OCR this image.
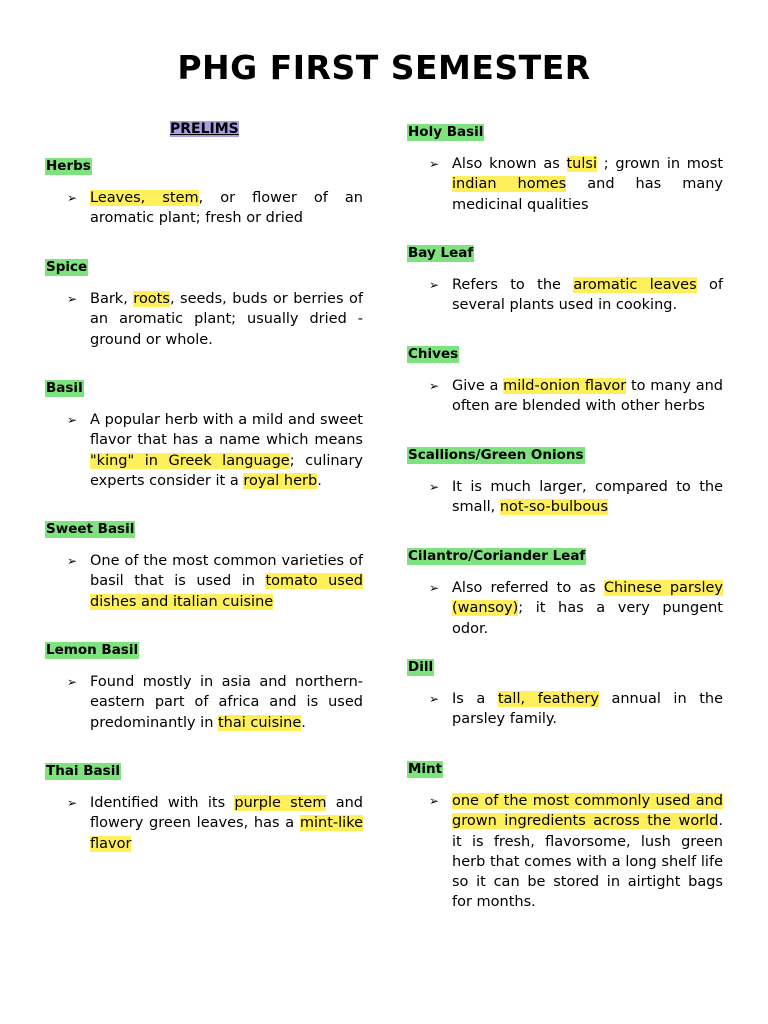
PHG FIRST SEMESTER
Herbs
➢ Leaves, stem, or flower of an aromatic plant; fresh or dried
Spice
➢ Bark, roots, seeds, buds or berries of an aromatic plant; usually dried - ground or whole.
Basil
➢ A popular herb with a mild and sweet flavor that has a name which means "king" in Greek language; culinary experts consider it a royal herb.
Sweet Basil
➢ One of the most common varieties of basil that is used in tomato used dishes and italian cuisine
Lemon Basil
➢ Found mostly in asia and northern-eastern part of africa and is used predominantly in thai cuisine.
Thai Basil
➢ Identified with its purple stem and flowery green leaves, has a mint-like flavor
PRELIMS	Holy Basil
➢ Also known as tulsi ; grown in most indian homes and has many medicinal qualities
Bay Leaf
➢ Refers to the aromatic leaves of several plants used in cooking.
Chives
➢ Give a mild-onion flavor to many and often are blended with other herbs
Scallions/Green Onions
➢ It is much larger, compared to the small, not-so-bulbous
Cilantro/Coriander Leaf
➢ Also referred to as Chinese parsley (wansoy); it has a very pungent odor.
Dill
➢ Is a tall, feathery annual in the parsley family.
Mint
➢ one of the most commonly used and grown ingredients across the world. it is fresh, flavorsome, lush green herb that comes with a long shelf life so it can be stored in airtight bags for months.
